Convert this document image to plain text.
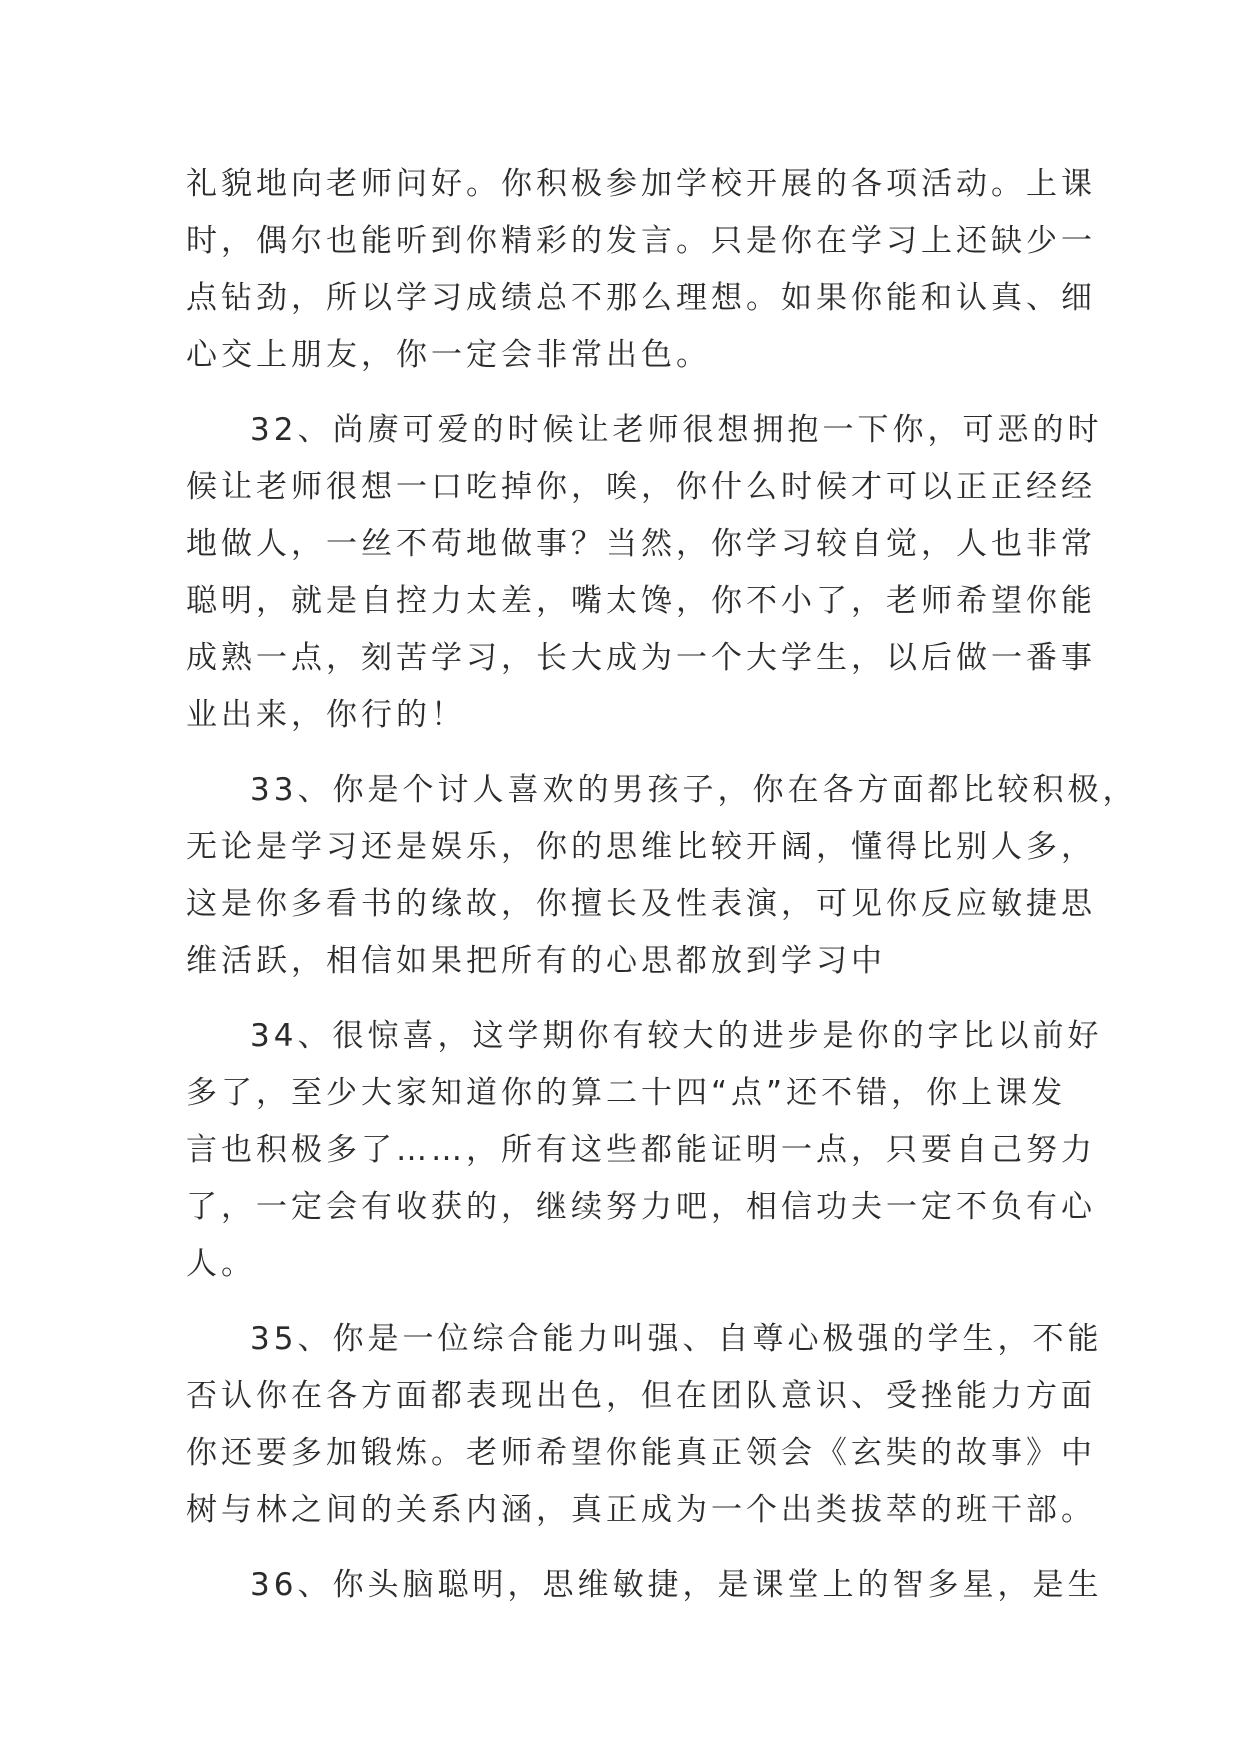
礼貌地向老师问好。你积极参加学校开展的各项活动。上课
时，偶尔也能听到你精彩的发言。只是你在学习上还缺少一
点钻劲，所以学习成绩总不那么理想。如果你能和认真、细
心交上朋友，你一定会非常出色。
32、尚赓可爱的时候让老师很想拥抱一下你，可恶的时
候让老师很想一口吃掉你，唉，你什么时候才可以正正经经
地做人，一丝不苟地做事？当然，你学习较自觉，人也非常
聪明，就是自控力太差，嘴太馋，你不小了，老师希望你能
成熟一点，刻苦学习，长大成为一个大学生，以后做一番事
业出来，你行的！
33、你是个讨人喜欢的男孩子，你在各方面都比较积极，
无论是学习还是娱乐，你的思维比较开阔，懂得比别人多，
这是你多看书的缘故，你擅长及性表演，可见你反应敏捷思
维活跃，相信如果把所有的心思都放到学习中
34、很惊喜，这学期你有较大的进步是你的字比以前好
多了，至少大家知道你的算二十四“点”还不错，你上课发
言也积极多了……，所有这些都能证明一点，只要自己努力
了，一定会有收获的，继续努力吧，相信功夫一定不负有心
人。
35、你是一位综合能力叫强、自尊心极强的学生，不能
否认你在各方面都表现出色，但在团队意识、受挫能力方面
你还要多加锻炼。老师希望你能真正领会《玄奘的故事》中
树与林之间的关系内涵，真正成为一个出类拔萃的班干部。
36、你头脑聪明，思维敏捷，是课堂上的智多星，是生
